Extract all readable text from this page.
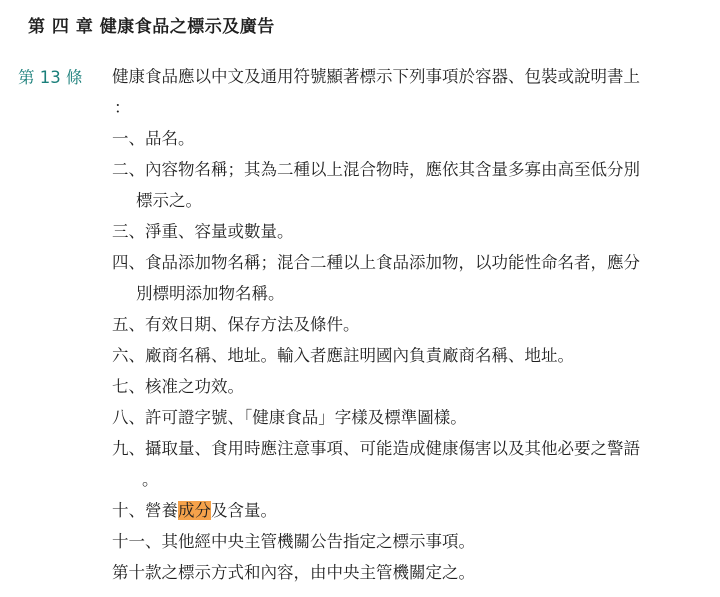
第 四 章 健康食品之標示及廣告
第 13 條 健康食品應以中文及通用符號顯著標示下列事項於容器、包裝或說明書上
：
一、品名。
二、內容物名稱；其為二種以上混合物時，應依其含量多寡由高至低分別
標示之。
三、淨重、容量或數量。
四、食品添加物名稱；混合二種以上食品添加物，以功能性命名者，應分
別標明添加物名稱。
五、有效日期、保存方法及條件。
六、廠商名稱、地址。輸入者應註明國內負責廠商名稱、地址。
七、核准之功效。
八、許可證字號、「健康食品」字樣及標準圖樣。
九、攝取量、食用時應注意事項、可能造成健康傷害以及其他必要之警語
。
十、營養成分及含量。
十一、其他經中央主管機關公告指定之標示事項。
第十款之標示方式和內容，由中央主管機關定之。
